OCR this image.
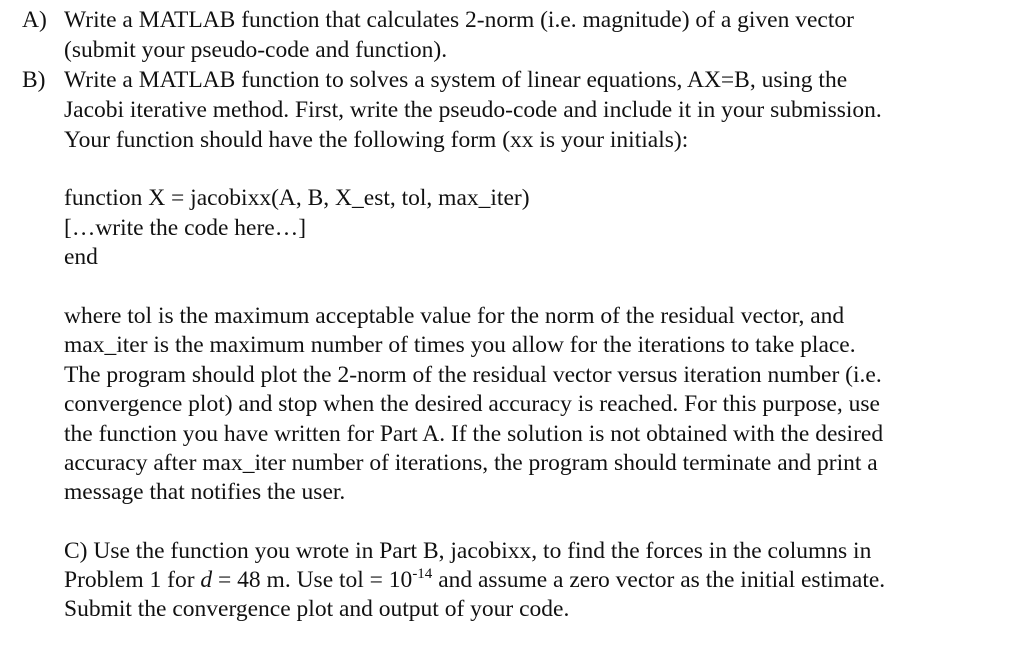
A) Write a MATLAB function that calculates 2-norm (i.e. magnitude) of a given vector
(submit your pseudo-code and function).
B) Write a MATLAB function to solves a system of linear equations, AX=B, using the
Jacobi iterative method. First, write the pseudo-code and include it in your submission.
Your function should have the following form (xx is your initials):
function X = jacobixx(A, B, X_est, tol, max_iter)
[…write the code here…]
end
where tol is the maximum acceptable value for the norm of the residual vector, and
max_iter is the maximum number of times you allow for the iterations to take place.
The program should plot the 2-norm of the residual vector versus iteration number (i.e.
convergence plot) and stop when the desired accuracy is reached. For this purpose, use
the function you have written for Part A. If the solution is not obtained with the desired
accuracy after max_iter number of iterations, the program should terminate and print a
message that notifies the user.
C) Use the function you wrote in Part B, jacobixx, to find the forces in the columns in
Problem 1 for d = 48 m. Use tol = $10^{-14}$ and assume a zero vector as the initial estimate.
Submit the convergence plot and output of your code.
